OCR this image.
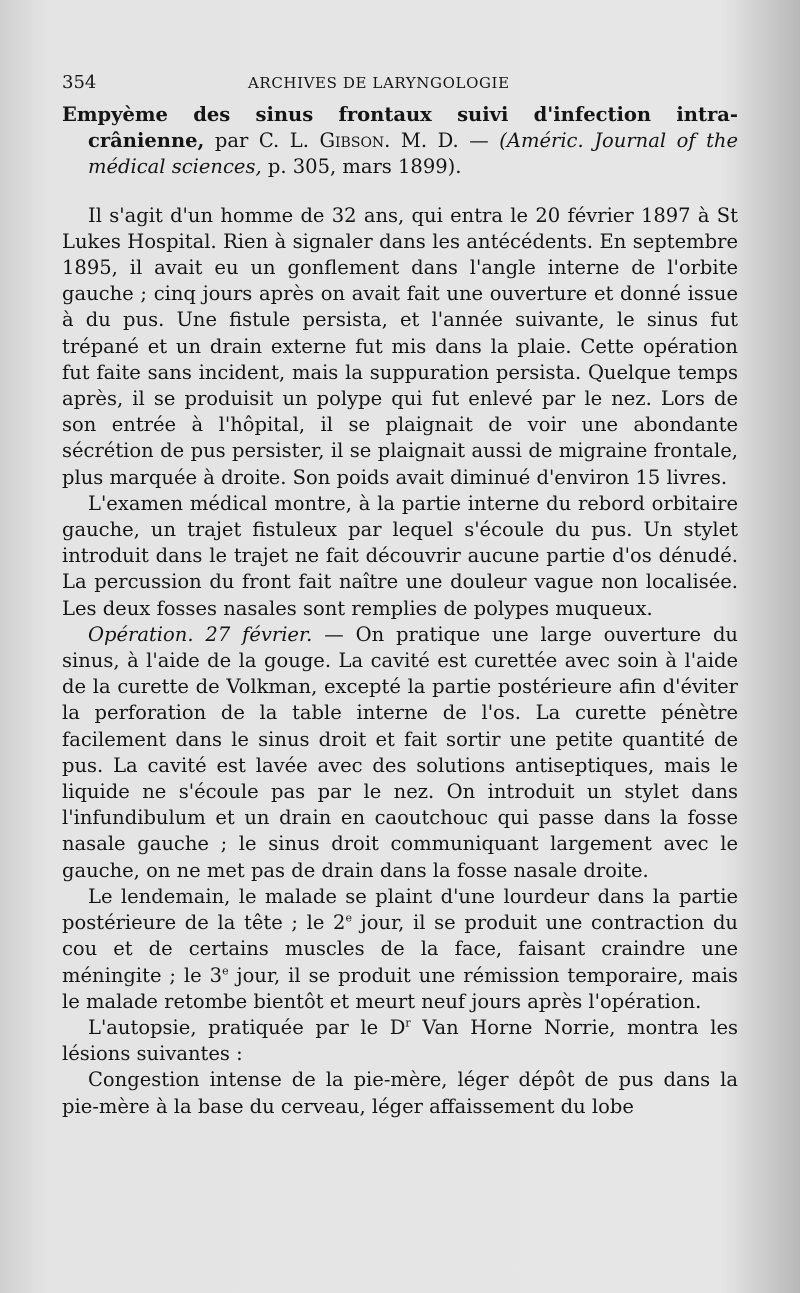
354	ARCHIVES DE LARYNGOLOGIE

Empyème des sinus frontaux suivi d'infection intra-crânienne, par C. L. Gibson. M. D. — (Améric. Journal of the médical sciences, p. 305, mars 1899).

Il s'agit d'un homme de 32 ans, qui entra le 20 février 1897 à St Lukes Hospital. Rien à signaler dans les antécédents. En septembre 1895, il avait eu un gonflement dans l'angle interne de l'orbite gauche ; cinq jours après on avait fait une ouverture et donné issue à du pus. Une fistule persista, et l'année suivante, le sinus fut trépané et un drain externe fut mis dans la plaie. Cette opération fut faite sans incident, mais la suppuration persista. Quelque temps après, il se produisit un polype qui fut enlevé par le nez. Lors de son entrée à l'hôpital, il se plaignait de voir une abondante sécrétion de pus persister, il se plaignait aussi de migraine frontale, plus marquée à droite. Son poids avait diminué d'environ 15 livres.

L'examen médical montre, à la partie interne du rebord orbitaire gauche, un trajet fistuleux par lequel s'écoule du pus. Un stylet introduit dans le trajet ne fait découvrir aucune partie d'os dénudé. La percussion du front fait naître une douleur vague non localisée. Les deux fosses nasales sont remplies de polypes muqueux.

Opération. 27 février. — On pratique une large ouverture du sinus, à l'aide de la gouge. La cavité est curettée avec soin à l'aide de la curette de Volkman, excepté la partie postérieure afin d'éviter la perforation de la table interne de l'os. La curette pénètre facilement dans le sinus droit et fait sortir une petite quantité de pus. La cavité est lavée avec des solutions antiseptiques, mais le liquide ne s'écoule pas par le nez. On introduit un stylet dans l'infundibulum et un drain en caoutchouc qui passe dans la fosse nasale gauche ; le sinus droit communiquant largement avec le gauche, on ne met pas de drain dans la fosse nasale droite.

Le lendemain, le malade se plaint d'une lourdeur dans la partie postérieure de la tête ; le 2e jour, il se produit une contraction du cou et de certains muscles de la face, faisant craindre une méningite ; le 3e jour, il se produit une rémission temporaire, mais le malade retombe bientôt et meurt neuf jours après l'opération.

L'autopsie, pratiquée par le $D^r$ Van Horne Norrie, montra les lésions suivantes :

Congestion intense de la pie-mère, léger dépôt de pus dans la pie-mère à la base du cerveau, léger affaissement du lobe
